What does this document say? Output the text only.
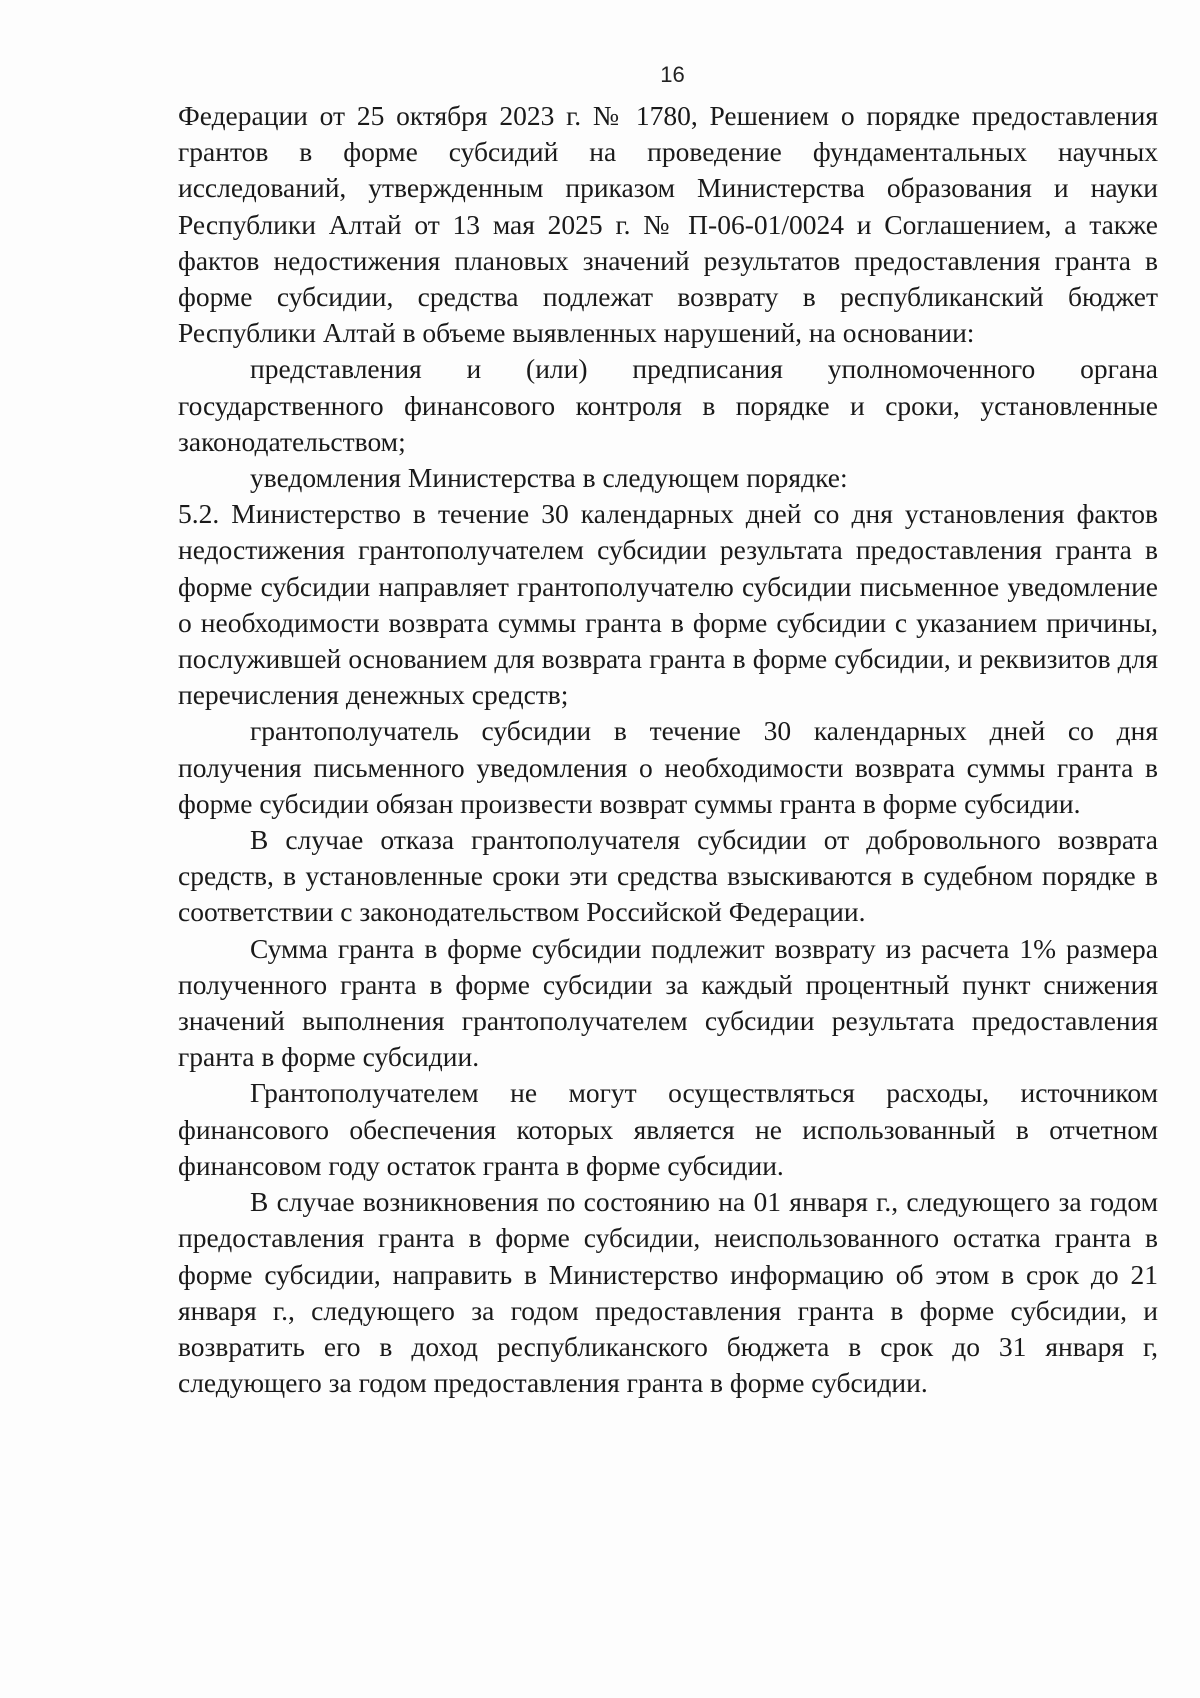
16

Федерации от 25 октября 2023 г. № 1780, Решением о порядке предоставления грантов в форме субсидий на проведение фундаментальных научных исследований, утвержденным приказом Министерства образования и науки Республики Алтай от 13 мая 2025 г. № П-06-01/0024 и Соглашением, а также фактов недостижения плановых значений результатов предоставления гранта в форме субсидии, средства подлежат возврату в республиканский бюджет Республики Алтай в объеме выявленных нарушений, на основании:

представления и (или) предписания уполномоченного органа государственного финансового контроля в порядке и сроки, установленные законодательством;

уведомления Министерства в следующем порядке:

5.2. Министерство в течение 30 календарных дней со дня установления фактов недостижения грантополучателем субсидии результата предоставления гранта в форме субсидии направляет грантополучателю субсидии письменное уведомление о необходимости возврата суммы гранта в форме субсидии с указанием причины, послужившей основанием для возврата гранта в форме субсидии, и реквизитов для перечисления денежных средств;

грантополучатель субсидии в течение 30 календарных дней со дня получения письменного уведомления о необходимости возврата суммы гранта в форме субсидии обязан произвести возврат суммы гранта в форме субсидии.

В случае отказа грантополучателя субсидии от добровольного возврата средств, в установленные сроки эти средства взыскиваются в судебном порядке в соответствии с законодательством Российской Федерации.

Сумма гранта в форме субсидии подлежит возврату из расчета 1% размера полученного гранта в форме субсидии за каждый процентный пункт снижения значений выполнения грантополучателем субсидии результата предоставления гранта в форме субсидии.

Грантополучателем не могут осуществляться расходы, источником финансового обеспечения которых является не использованный в отчетном финансовом году остаток гранта в форме субсидии.

В случае возникновения по состоянию на 01 января г., следующего за годом предоставления гранта в форме субсидии, неиспользованного остатка гранта в форме субсидии, направить в Министерство информацию об этом в срок до 21 января г., следующего за годом предоставления гранта в форме субсидии, и возвратить его в доход республиканского бюджета в срок до 31 января г, следующего за годом предоставления гранта в форме субсидии.
